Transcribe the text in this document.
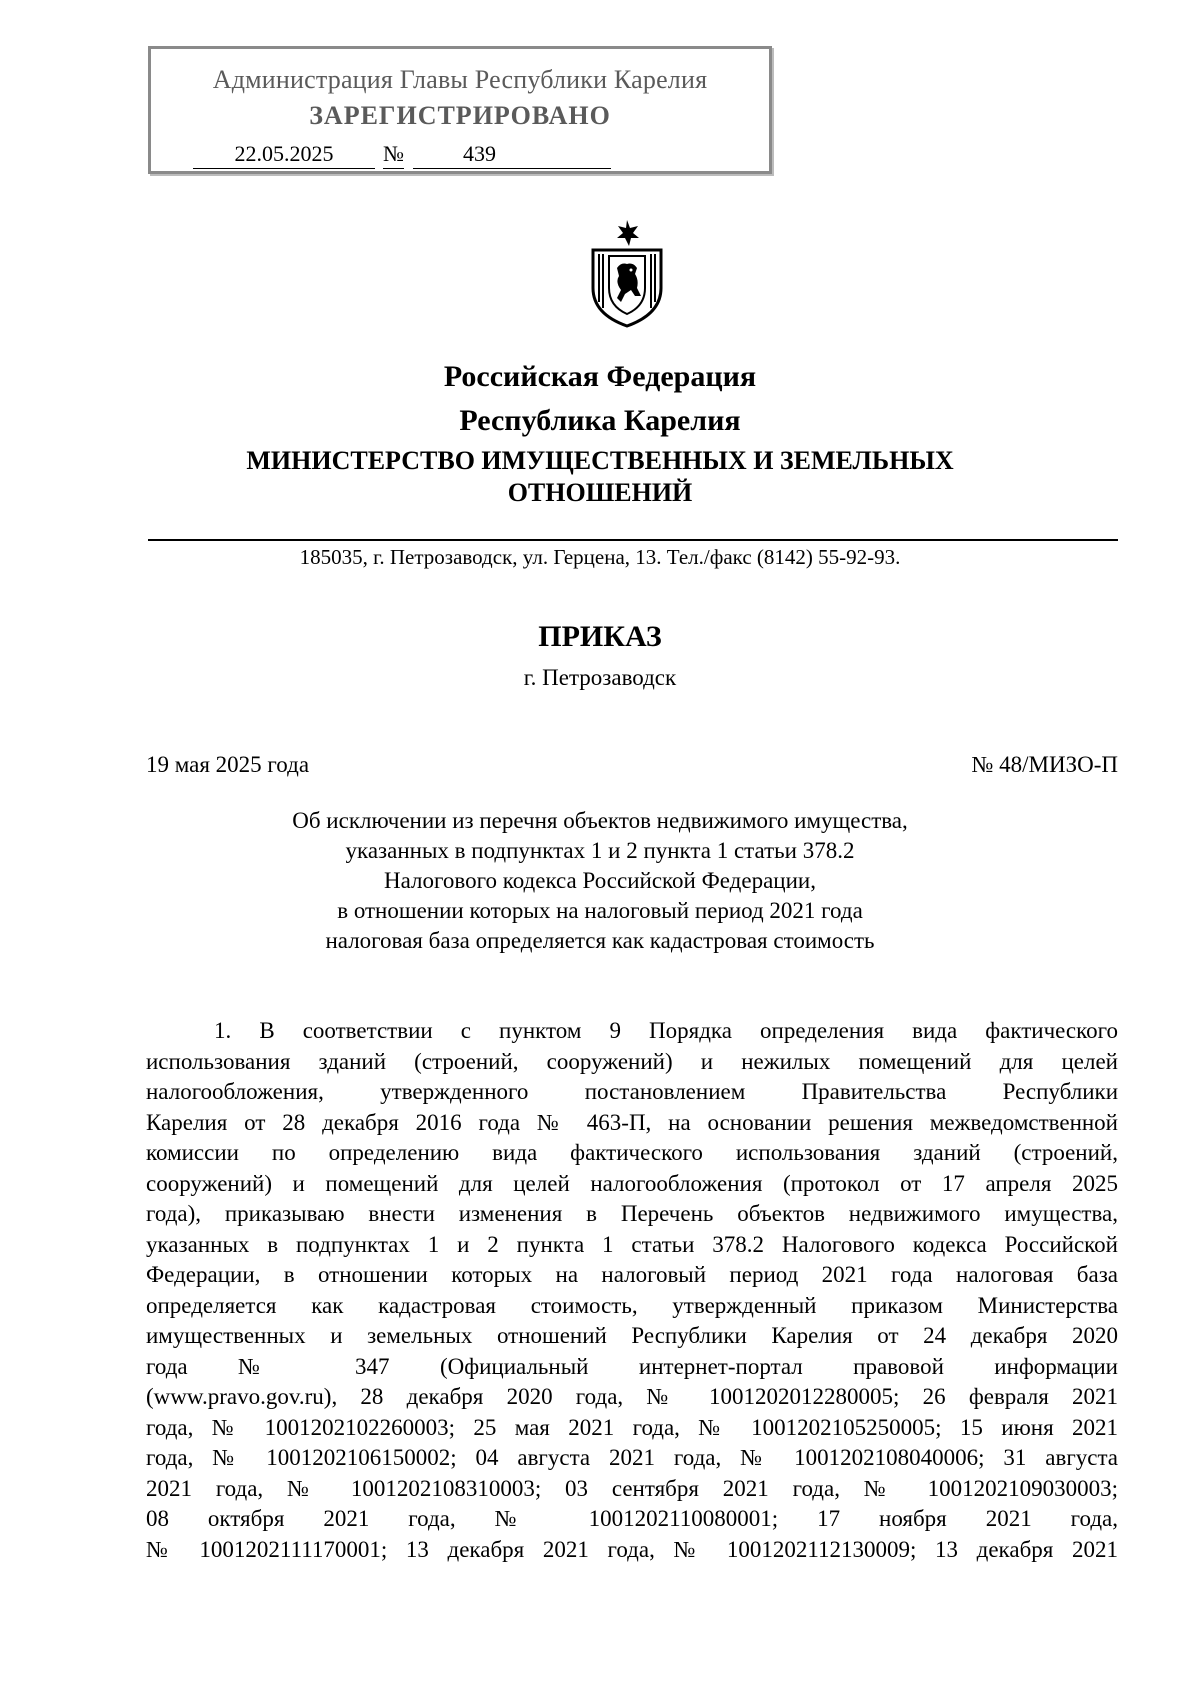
Администрация Главы Республики Карелия
ЗАРЕГИСТРИРОВАНО
22.05.2025	№	439
Российская Федерация
Республика Карелия
МИНИСТЕРСТВО ИМУЩЕСТВЕННЫХ И ЗЕМЕЛЬНЫХ
ОТНОШЕНИЙ
185035, г. Петрозаводск, ул. Герцена, 13. Тел./факс (8142) 55-92-93.
ПРИКАЗ
г. Петрозаводск
19 мая 2025 года	№ 48/МИЗО-П
Об исключении из перечня объектов недвижимого имущества,
указанных в подпунктах 1 и 2 пункта 1 статьи 378.2
Налогового кодекса Российской Федерации,
в отношении которых на налоговый период 2021 года
налоговая база определяется как кадастровая стоимость
1. В соответствии с пунктом 9 Порядка определения вида фактического
использования зданий (строений, сооружений) и нежилых помещений для целей
налогообложения, утвержденного постановлением Правительства Республики
Карелия от 28 декабря 2016 года № 463-П, на основании решения межведомственной
комиссии по определению вида фактического использования зданий (строений,
сооружений) и помещений для целей налогообложения (протокол от 17 апреля 2025
года), приказываю внести изменения в Перечень объектов недвижимого имущества,
указанных в подпунктах 1 и 2 пункта 1 статьи 378.2 Налогового кодекса Российской
Федерации, в отношении которых на налоговый период 2021 года налоговая база
определяется как кадастровая стоимость, утвержденный приказом Министерства
имущественных и земельных отношений Республики Карелия от 24 декабря 2020
года № 347 (Официальный интернет-портал правовой информации
(www.pravo.gov.ru), 28 декабря 2020 года, № 1001202012280005; 26 февраля 2021
года, № 1001202102260003; 25 мая 2021 года, № 1001202105250005; 15 июня 2021
года, № 1001202106150002; 04 августа 2021 года, № 1001202108040006; 31 августа
2021 года, № 1001202108310003; 03 сентября 2021 года, № 1001202109030003;
08 октября 2021 года, № 1001202110080001; 17 ноября 2021 года,
№ 1001202111170001; 13 декабря 2021 года, № 1001202112130009; 13 декабря 2021
